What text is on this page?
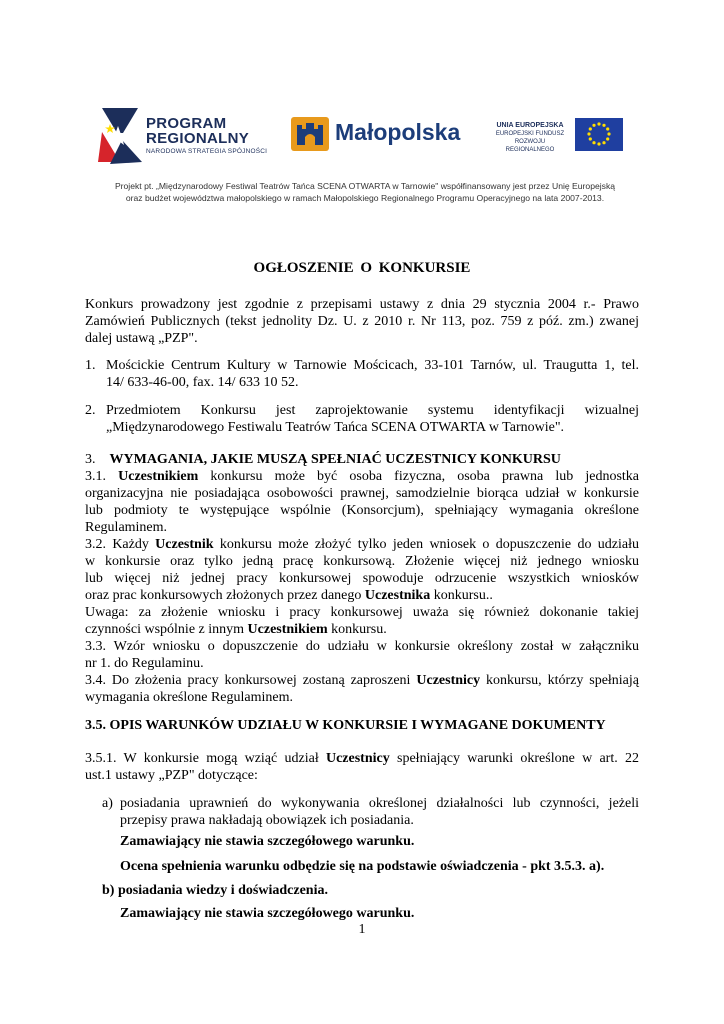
PROGRAM
REGIONALNY
NARODOWA STRATEGIA SPÓJNOŚCI
Małopolska	UNIA EUROPEJSKA
EUROPEJSKI FUNDUSZ
ROZWOJU REGIONALNEGO
Projekt pt. „Międzynarodowy Festiwal Teatrów Tańca SCENA OTWARTA w Tarnowie" współfinansowany jest przez Unię Europejską
oraz budżet województwa małopolskiego w ramach Małopolskiego Regionalnego Programu Operacyjnego na lata 2007-2013.
OGŁOSZENIE O KONKURSIE
Konkurs prowadzony jest zgodnie z przepisami ustawy z dnia 29 stycznia 2004 r.- Prawo
Zamówień Publicznych (tekst jednolity Dz. U. z 2010 r. Nr 113, poz. 759 z póź. zm.) zwanej
dalej ustawą „PZP".
1. Mościckie Centrum Kultury w Tarnowie Mościcach, 33-101 Tarnów, ul. Traugutta 1, tel.
14/ 633-46-00, fax. 14/ 633 10 52.
2. Przedmiotem Konkursu jest zaprojektowanie systemu identyfikacji wizualnej
„Międzynarodowego Festiwalu Teatrów Tańca SCENA OTWARTA w Tarnowie".
3. WYMAGANIA, JAKIE MUSZĄ SPEŁNIAĆ UCZESTNICY KONKURSU
3.1. Uczestnikiem konkursu może być osoba fizyczna, osoba prawna lub jednostka
organizacyjna nie posiadająca osobowości prawnej, samodzielnie biorąca udział w konkursie
lub podmioty te występujące wspólnie (Konsorcjum), spełniający wymagania określone
Regulaminem.
3.2. Każdy Uczestnik konkursu może złożyć tylko jeden wniosek o dopuszczenie do udziału
w konkursie oraz tylko jedną pracę konkursową. Złożenie więcej niż jednego wniosku
lub więcej niż jednej pracy konkursowej spowoduje odrzucenie wszystkich wniosków
oraz prac konkursowych złożonych przez danego Uczestnika konkursu..
Uwaga: za złożenie wniosku i pracy konkursowej uważa się również dokonanie takiej
czynności wspólnie z innym Uczestnikiem konkursu.
3.3. Wzór wniosku o dopuszczenie do udziału w konkursie określony został w załączniku
nr 1. do Regulaminu.
3.4. Do złożenia pracy konkursowej zostaną zaproszeni Uczestnicy konkursu, którzy spełniają
wymagania określone Regulaminem.
3.5. OPIS WARUNKÓW UDZIAŁU W KONKURSIE I WYMAGANE DOKUMENTY
3.5.1. W konkursie mogą wziąć udział Uczestnicy spełniający warunki określone w art. 22
ust.1 ustawy „PZP" dotyczące:
a) posiadania uprawnień do wykonywania określonej działalności lub czynności, jeżeli
przepisy prawa nakładają obowiązek ich posiadania.
Zamawiający nie stawia szczegółowego warunku.
Ocena spełnienia warunku odbędzie się na podstawie oświadczenia - pkt 3.5.3. a).
b) posiadania wiedzy i doświadczenia.
Zamawiający nie stawia szczegółowego warunku.
1
